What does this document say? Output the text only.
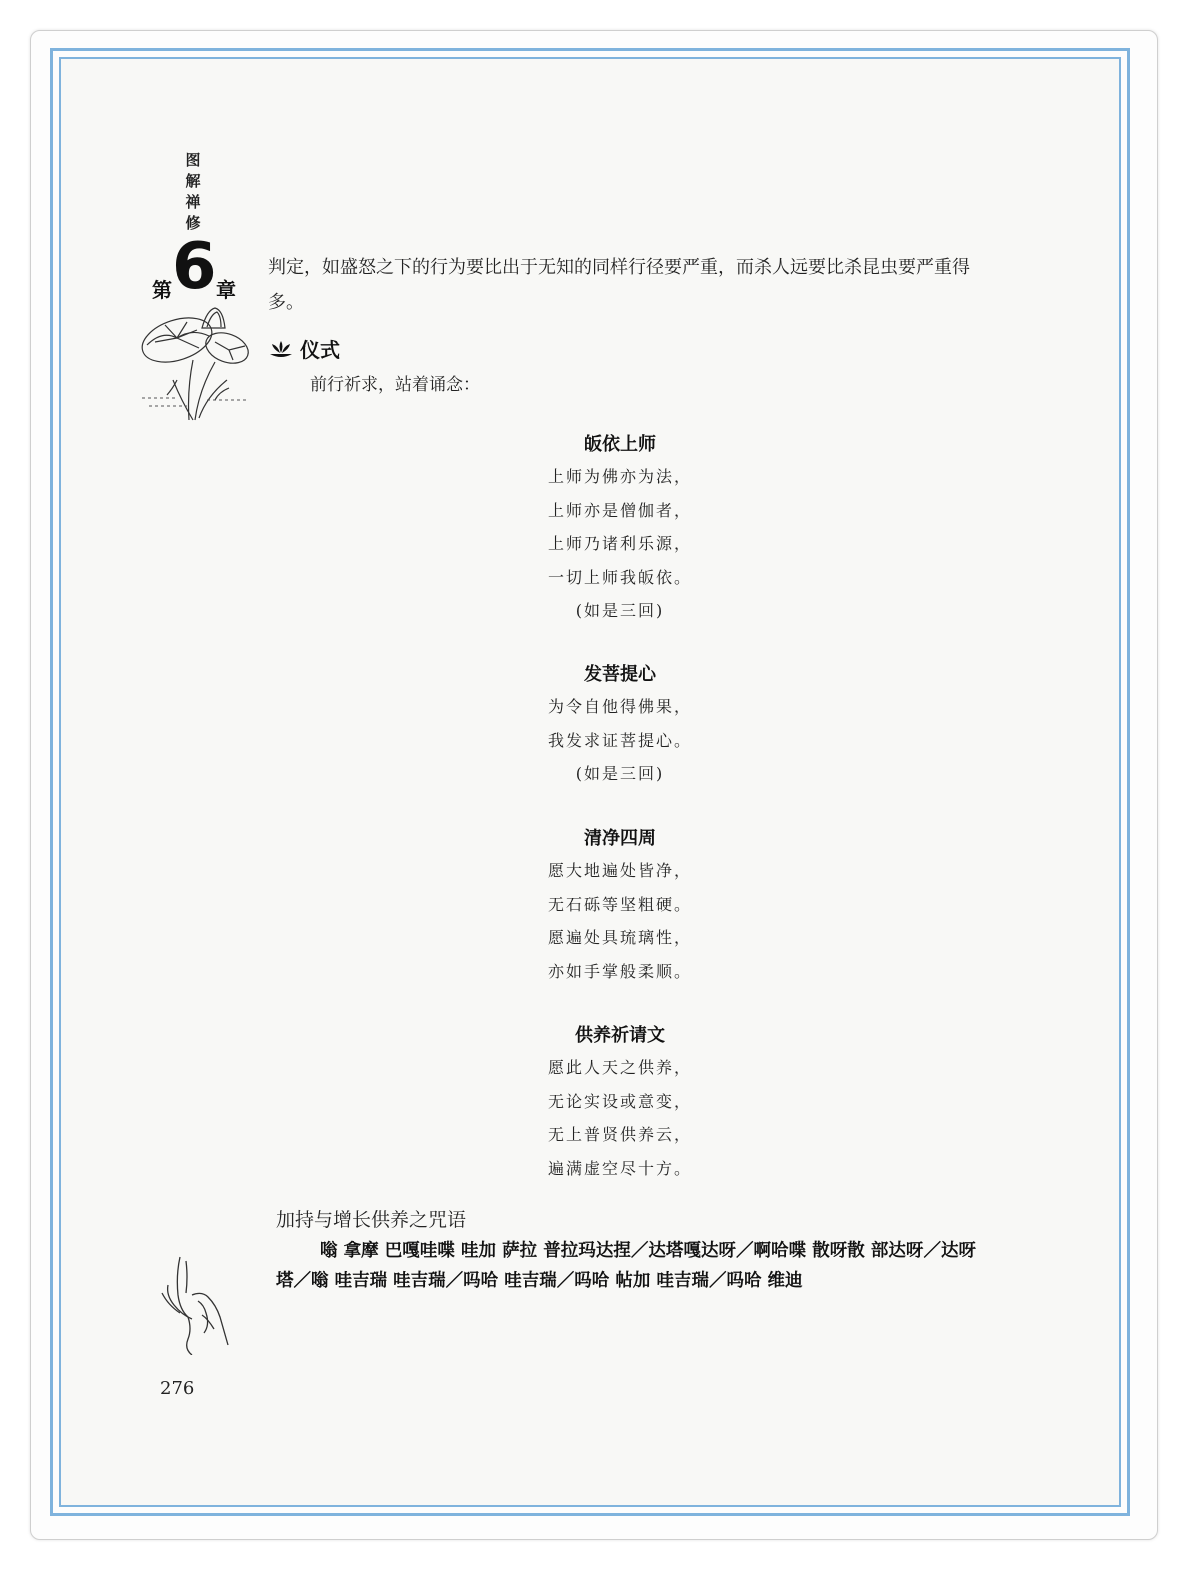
图解禅修
第 6 章
判定，如盛怒之下的行为要比出于无知的同样行径要严重，而杀人远要比杀昆虫要严重得多。
仪式
前行祈求，站着诵念：
皈依上师
上师为佛亦为法，
上师亦是僧伽者，
上师乃诸利乐源，
一切上师我皈依。
(如是三回)
发菩提心
为令自他得佛果，
我发求证菩提心。
(如是三回)
清净四周
愿大地遍处皆净，
无石砾等坚粗硬。
愿遍处具琉璃性，
亦如手掌般柔顺。
供养祈请文
愿此人天之供养，
无论实设或意变，
无上普贤供养云，
遍满虚空尽十方。
加持与增长供养之咒语
嗡 拿摩 巴嘎哇喋 哇加 萨拉 普拉玛达捏／达塔嘎达呀／啊哈喋 散呀散 部达呀／达呀塔／嗡 哇吉瑞 哇吉瑞／吗哈 哇吉瑞／吗哈 帖加 哇吉瑞／吗哈 维迪
276
